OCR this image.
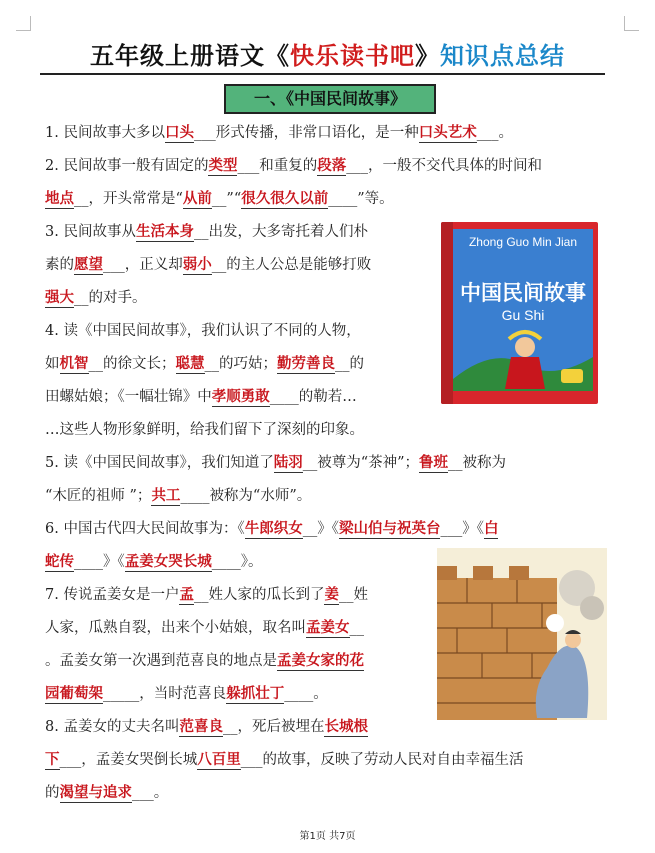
五年级上册语文《快乐读书吧》知识点总结
一、《中国民间故事》
1. 民间故事大多以口头___形式传播，非常口语化，是一种口头艺术___。
2. 民间故事一般有固定的类型___和重复的段落___，一般不交代具体的时间和
地点__，开头常常是“从前__”“很久很久以前____”等。
3. 民间故事从生活本身__出发，大多寄托着人们朴
素的愿望___，正义却弱小__的主人公总是能够打败
强大__的对手。
4. 读《中国民间故事》，我们认识了不同的人物，
如机智__的徐文长；聪慧__的巧姑；勤劳善良__的
田螺姑娘；《一幅壮锦》中孝顺勇敢____的勒若…
…这些人物形象鲜明，给我们留下了深刻的印象。
5. 读《中国民间故事》，我们知道了陆羽__被尊为“茶神”；鲁班__被称为
“木匠的祖师 ”；共工____被称为“水师”。
6. 中国古代四大民间故事为：《牛郎织女__》《梁山伯与祝英台___》《白
蛇传____》《孟姜女哭长城____》。
7. 传说孟姜女是一户孟__姓人家的瓜长到了姜__姓
人家，瓜熟自裂，出来个小姑娘，取名叫孟姜女__
。孟姜女第一次遇到范喜良的地点是孟姜女家的花
园葡萄架_____，当时范喜良躲抓壮丁____。
8. 孟姜女的丈夫名叫范喜良__，死后被埋在长城根
下___，孟姜女哭倒长城八百里___的故事，反映了劳动人民对自由幸福生活
的渴望与追求___。
Zhong Guo Min Jian
中国民间故事
Gu Shi
第1页 共7页
